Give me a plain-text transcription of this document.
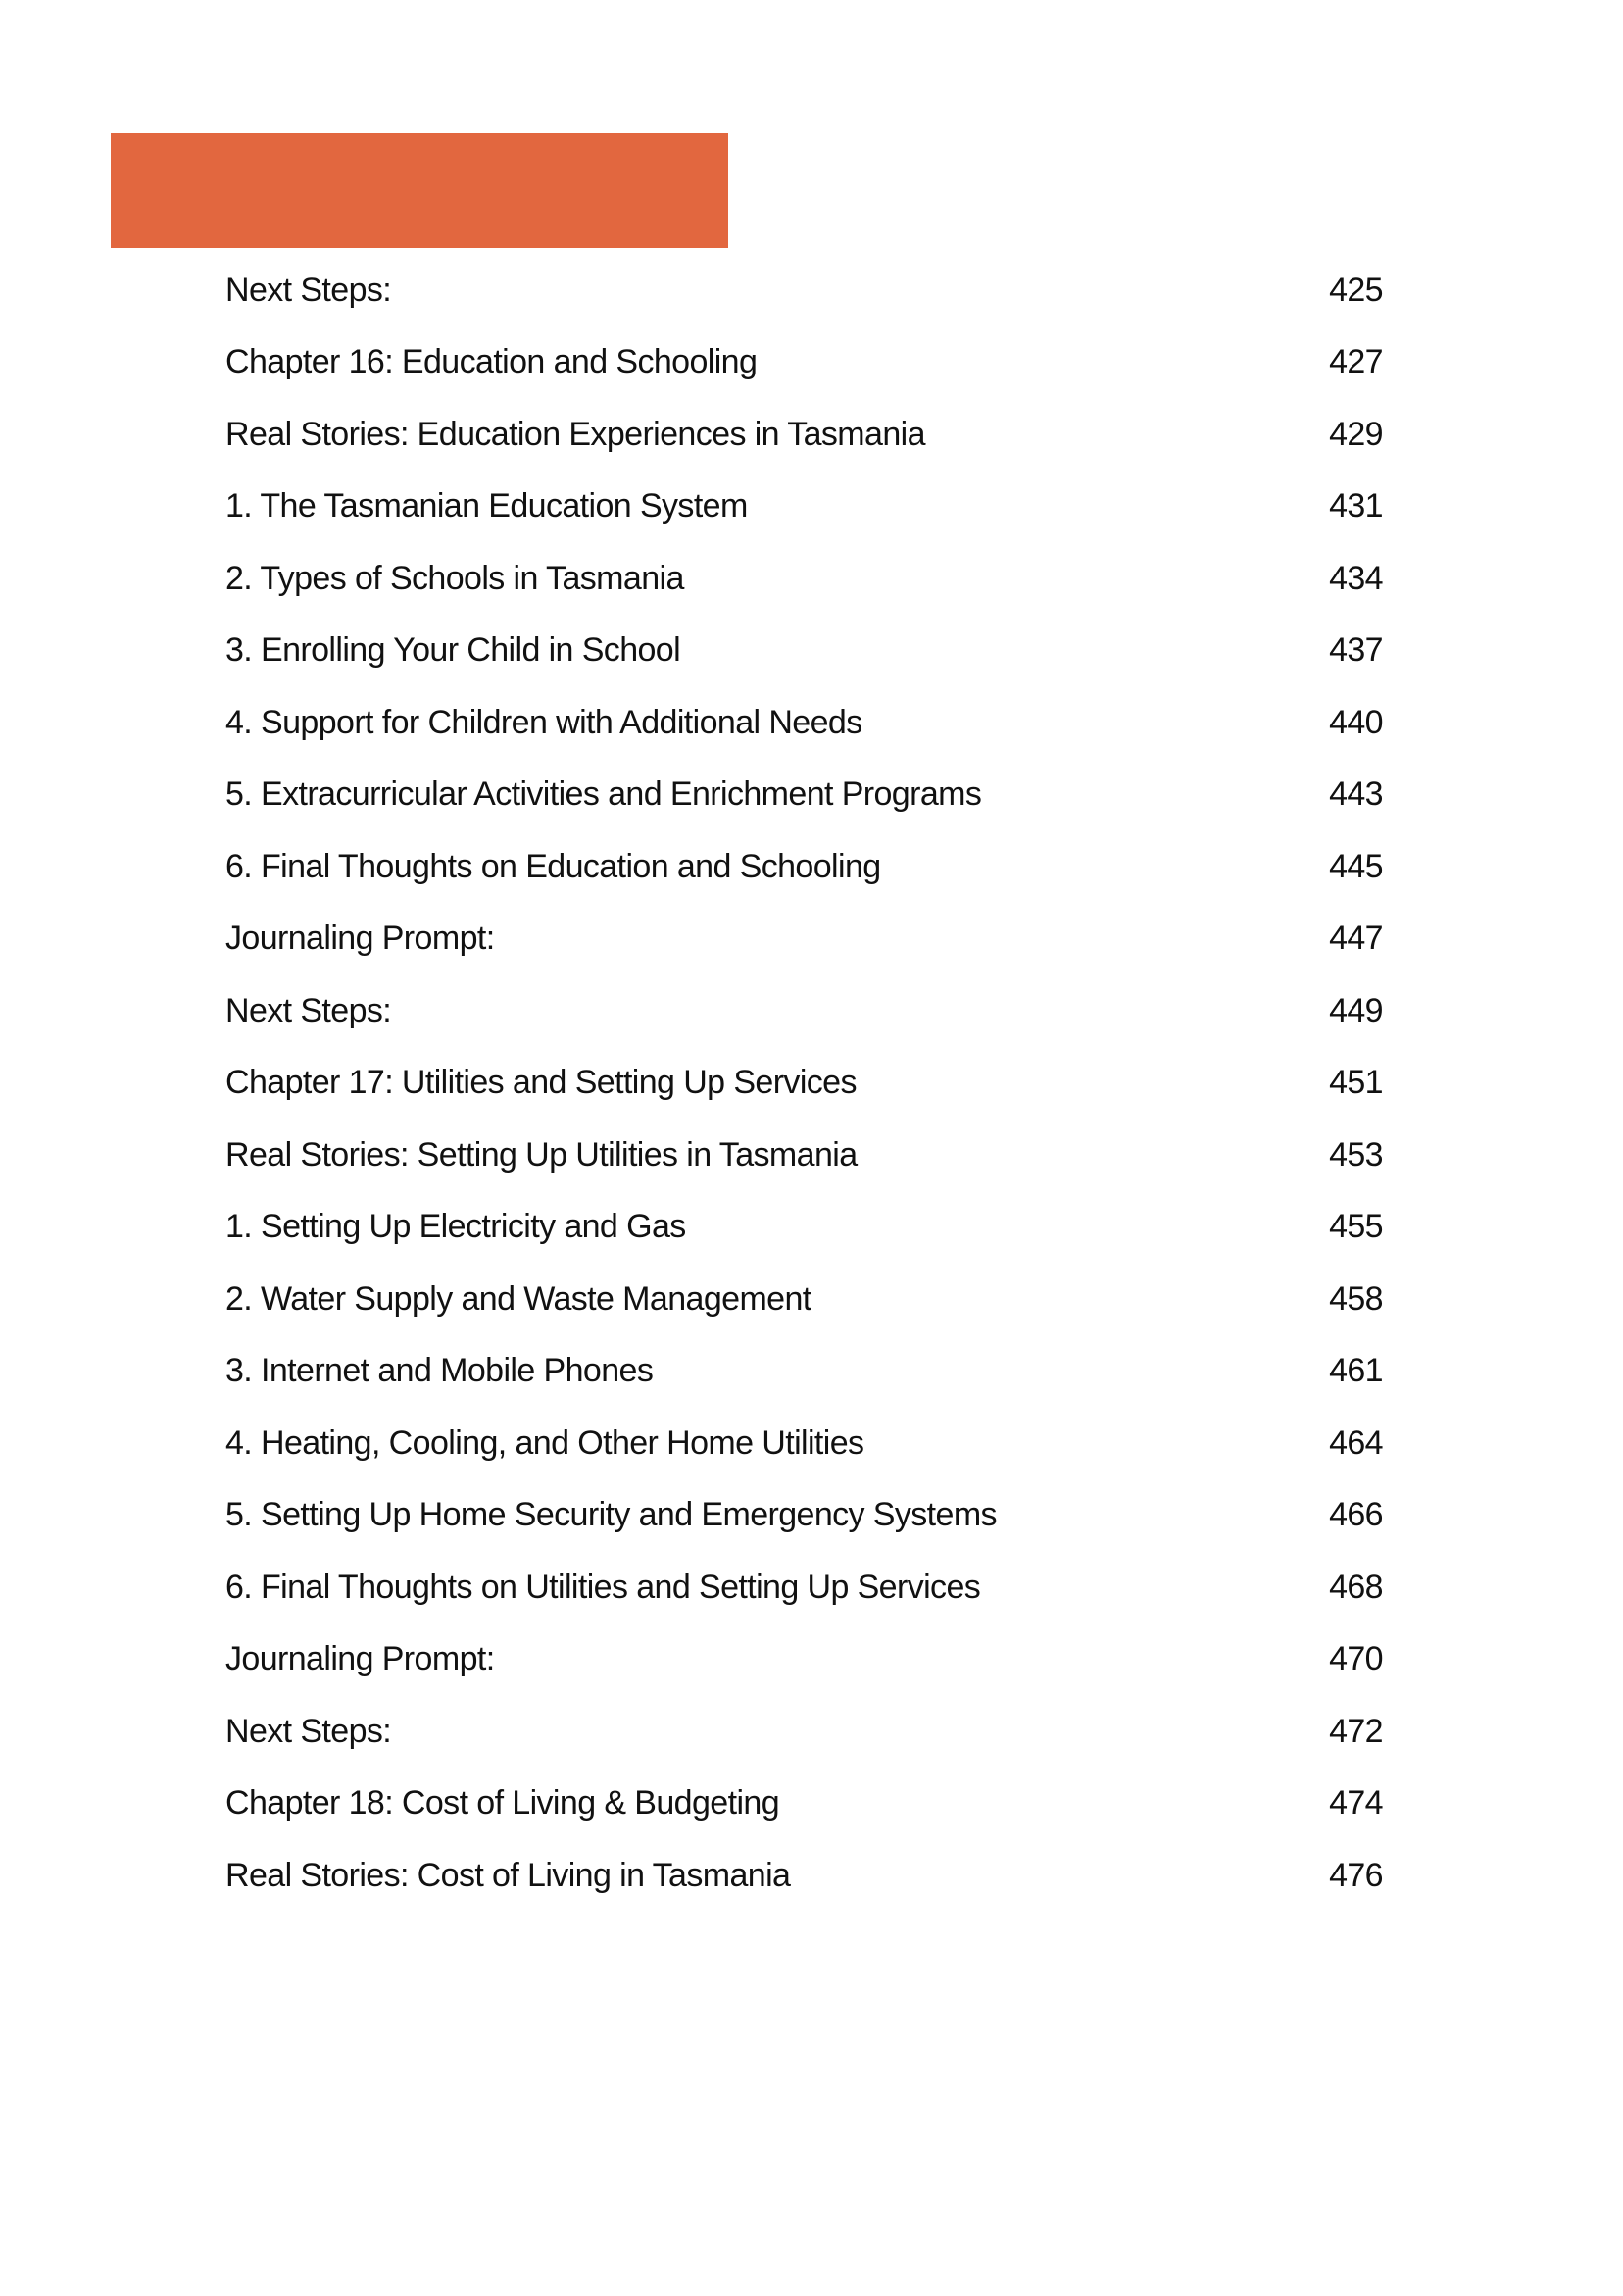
Next Steps:	425
Chapter 16: Education and Schooling	427
Real Stories: Education Experiences in Tasmania	429
1. The Tasmanian Education System	431
2. Types of Schools in Tasmania	434
3. Enrolling Your Child in School	437
4. Support for Children with Additional Needs	440
5. Extracurricular Activities and Enrichment Programs	443
6. Final Thoughts on Education and Schooling	445
Journaling Prompt:	447
Next Steps:	449
Chapter 17: Utilities and Setting Up Services	451
Real Stories: Setting Up Utilities in Tasmania	453
1. Setting Up Electricity and Gas	455
2. Water Supply and Waste Management	458
3. Internet and Mobile Phones	461
4. Heating, Cooling, and Other Home Utilities	464
5. Setting Up Home Security and Emergency Systems	466
6. Final Thoughts on Utilities and Setting Up Services	468
Journaling Prompt:	470
Next Steps:	472
Chapter 18: Cost of Living & Budgeting	474
Real Stories: Cost of Living in Tasmania	476
